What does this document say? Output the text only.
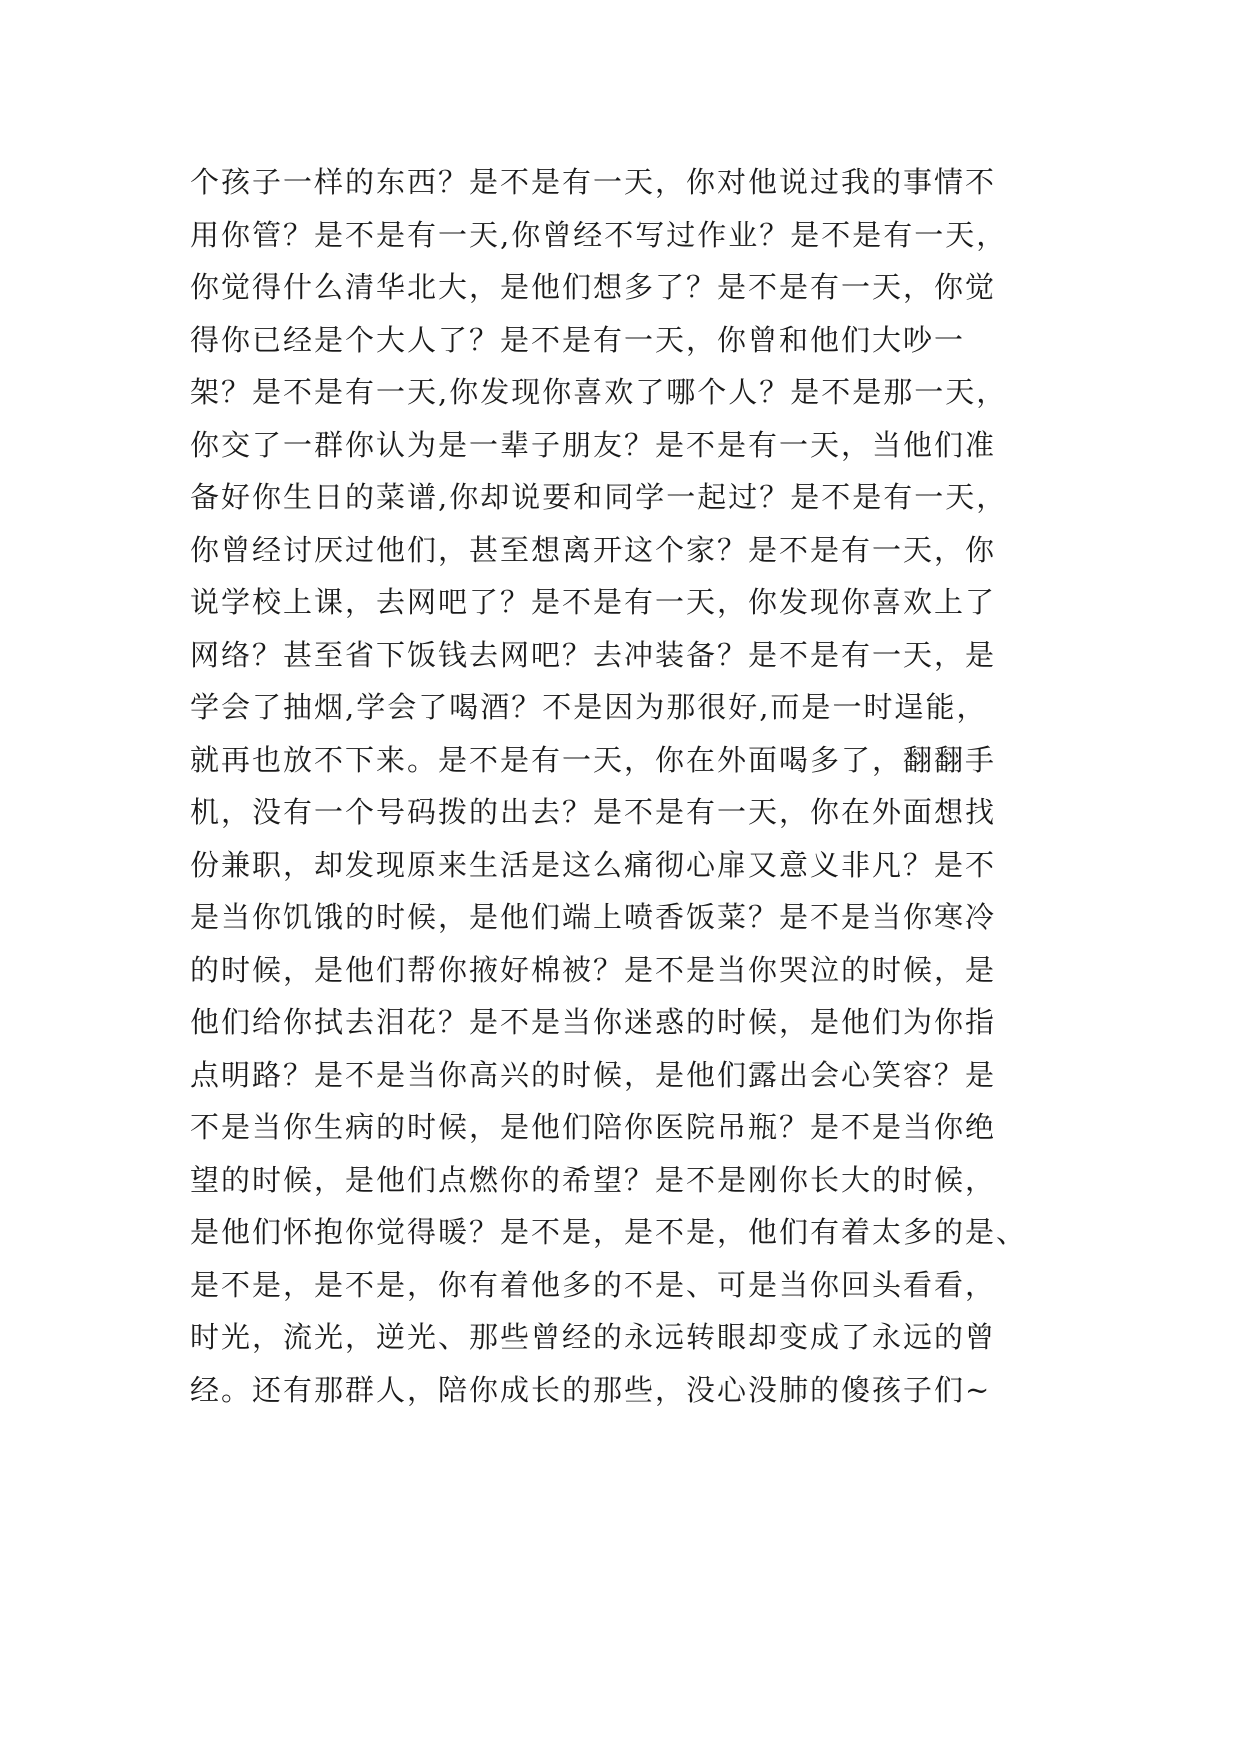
个孩子一样的东西？是不是有一天，你对他说过我的事情不
用你管？是不是有一天,你曾经不写过作业？是不是有一天，
你觉得什么清华北大，是他们想多了？是不是有一天，你觉
得你已经是个大人了？是不是有一天，你曾和他们大吵一
架？是不是有一天,你发现你喜欢了哪个人？是不是那一天，
你交了一群你认为是一辈子朋友？是不是有一天，当他们准
备好你生日的菜谱,你却说要和同学一起过？是不是有一天，
你曾经讨厌过他们，甚至想离开这个家？是不是有一天，你
说学校上课，去网吧了？是不是有一天，你发现你喜欢上了
网络？甚至省下饭钱去网吧？去冲装备？是不是有一天，是
学会了抽烟,学会了喝酒？不是因为那很好,而是一时逞能，
就再也放不下来。是不是有一天，你在外面喝多了，翻翻手
机，没有一个号码拨的出去？是不是有一天，你在外面想找
份兼职，却发现原来生活是这么痛彻心扉又意义非凡？是不
是当你饥饿的时候，是他们端上喷香饭菜？是不是当你寒冷
的时候，是他们帮你掖好棉被？是不是当你哭泣的时候，是
他们给你拭去泪花？是不是当你迷惑的时候，是他们为你指
点明路？是不是当你高兴的时候，是他们露出会心笑容？是
不是当你生病的时候，是他们陪你医院吊瓶？是不是当你绝
望的时候，是他们点燃你的希望？是不是刚你长大的时候，
是他们怀抱你觉得暖？是不是，是不是，他们有着太多的是、
是不是，是不是，你有着他多的不是、可是当你回头看看，
时光，流光，逆光、那些曾经的永远转眼却变成了永远的曾
经。还有那群人，陪你成长的那些，没心没肺的傻孩子们~
